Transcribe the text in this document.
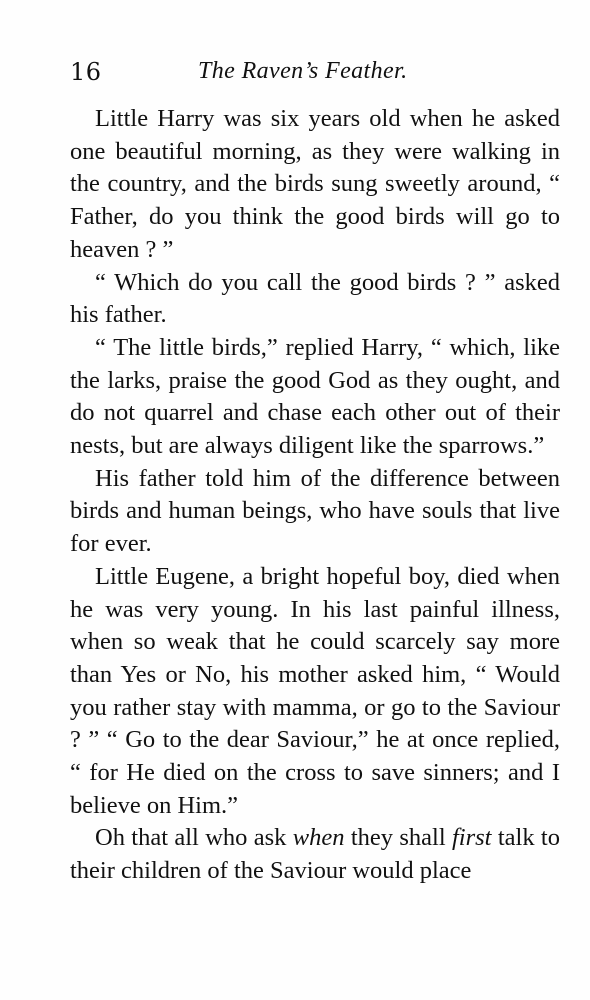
16	The Raven’s Feather.

Little Harry was six years old when he asked one beautiful morning, as they were walking in the country, and the birds sung sweetly around, “ Father, do you think the good birds will go to heaven ? ”

“ Which do you call the good birds ? ” asked his father.

“ The little birds,” replied Harry, “ which, like the larks, praise the good God as they ought, and do not quarrel and chase each other out of their nests, but are always diligent like the sparrows.”

His father told him of the difference between birds and human beings, who have souls that live for ever.

Little Eugene, a bright hopeful boy, died when he was very young. In his last painful illness, when so weak that he could scarcely say more than Yes or No, his mother asked him, “ Would you rather stay with mamma, or go to the Saviour ? ” “ Go to the dear Saviour,” he at once replied, “ for He died on the cross to save sinners; and I believe on Him.”

Oh that all who ask when they shall first talk to their children of the Saviour would place
